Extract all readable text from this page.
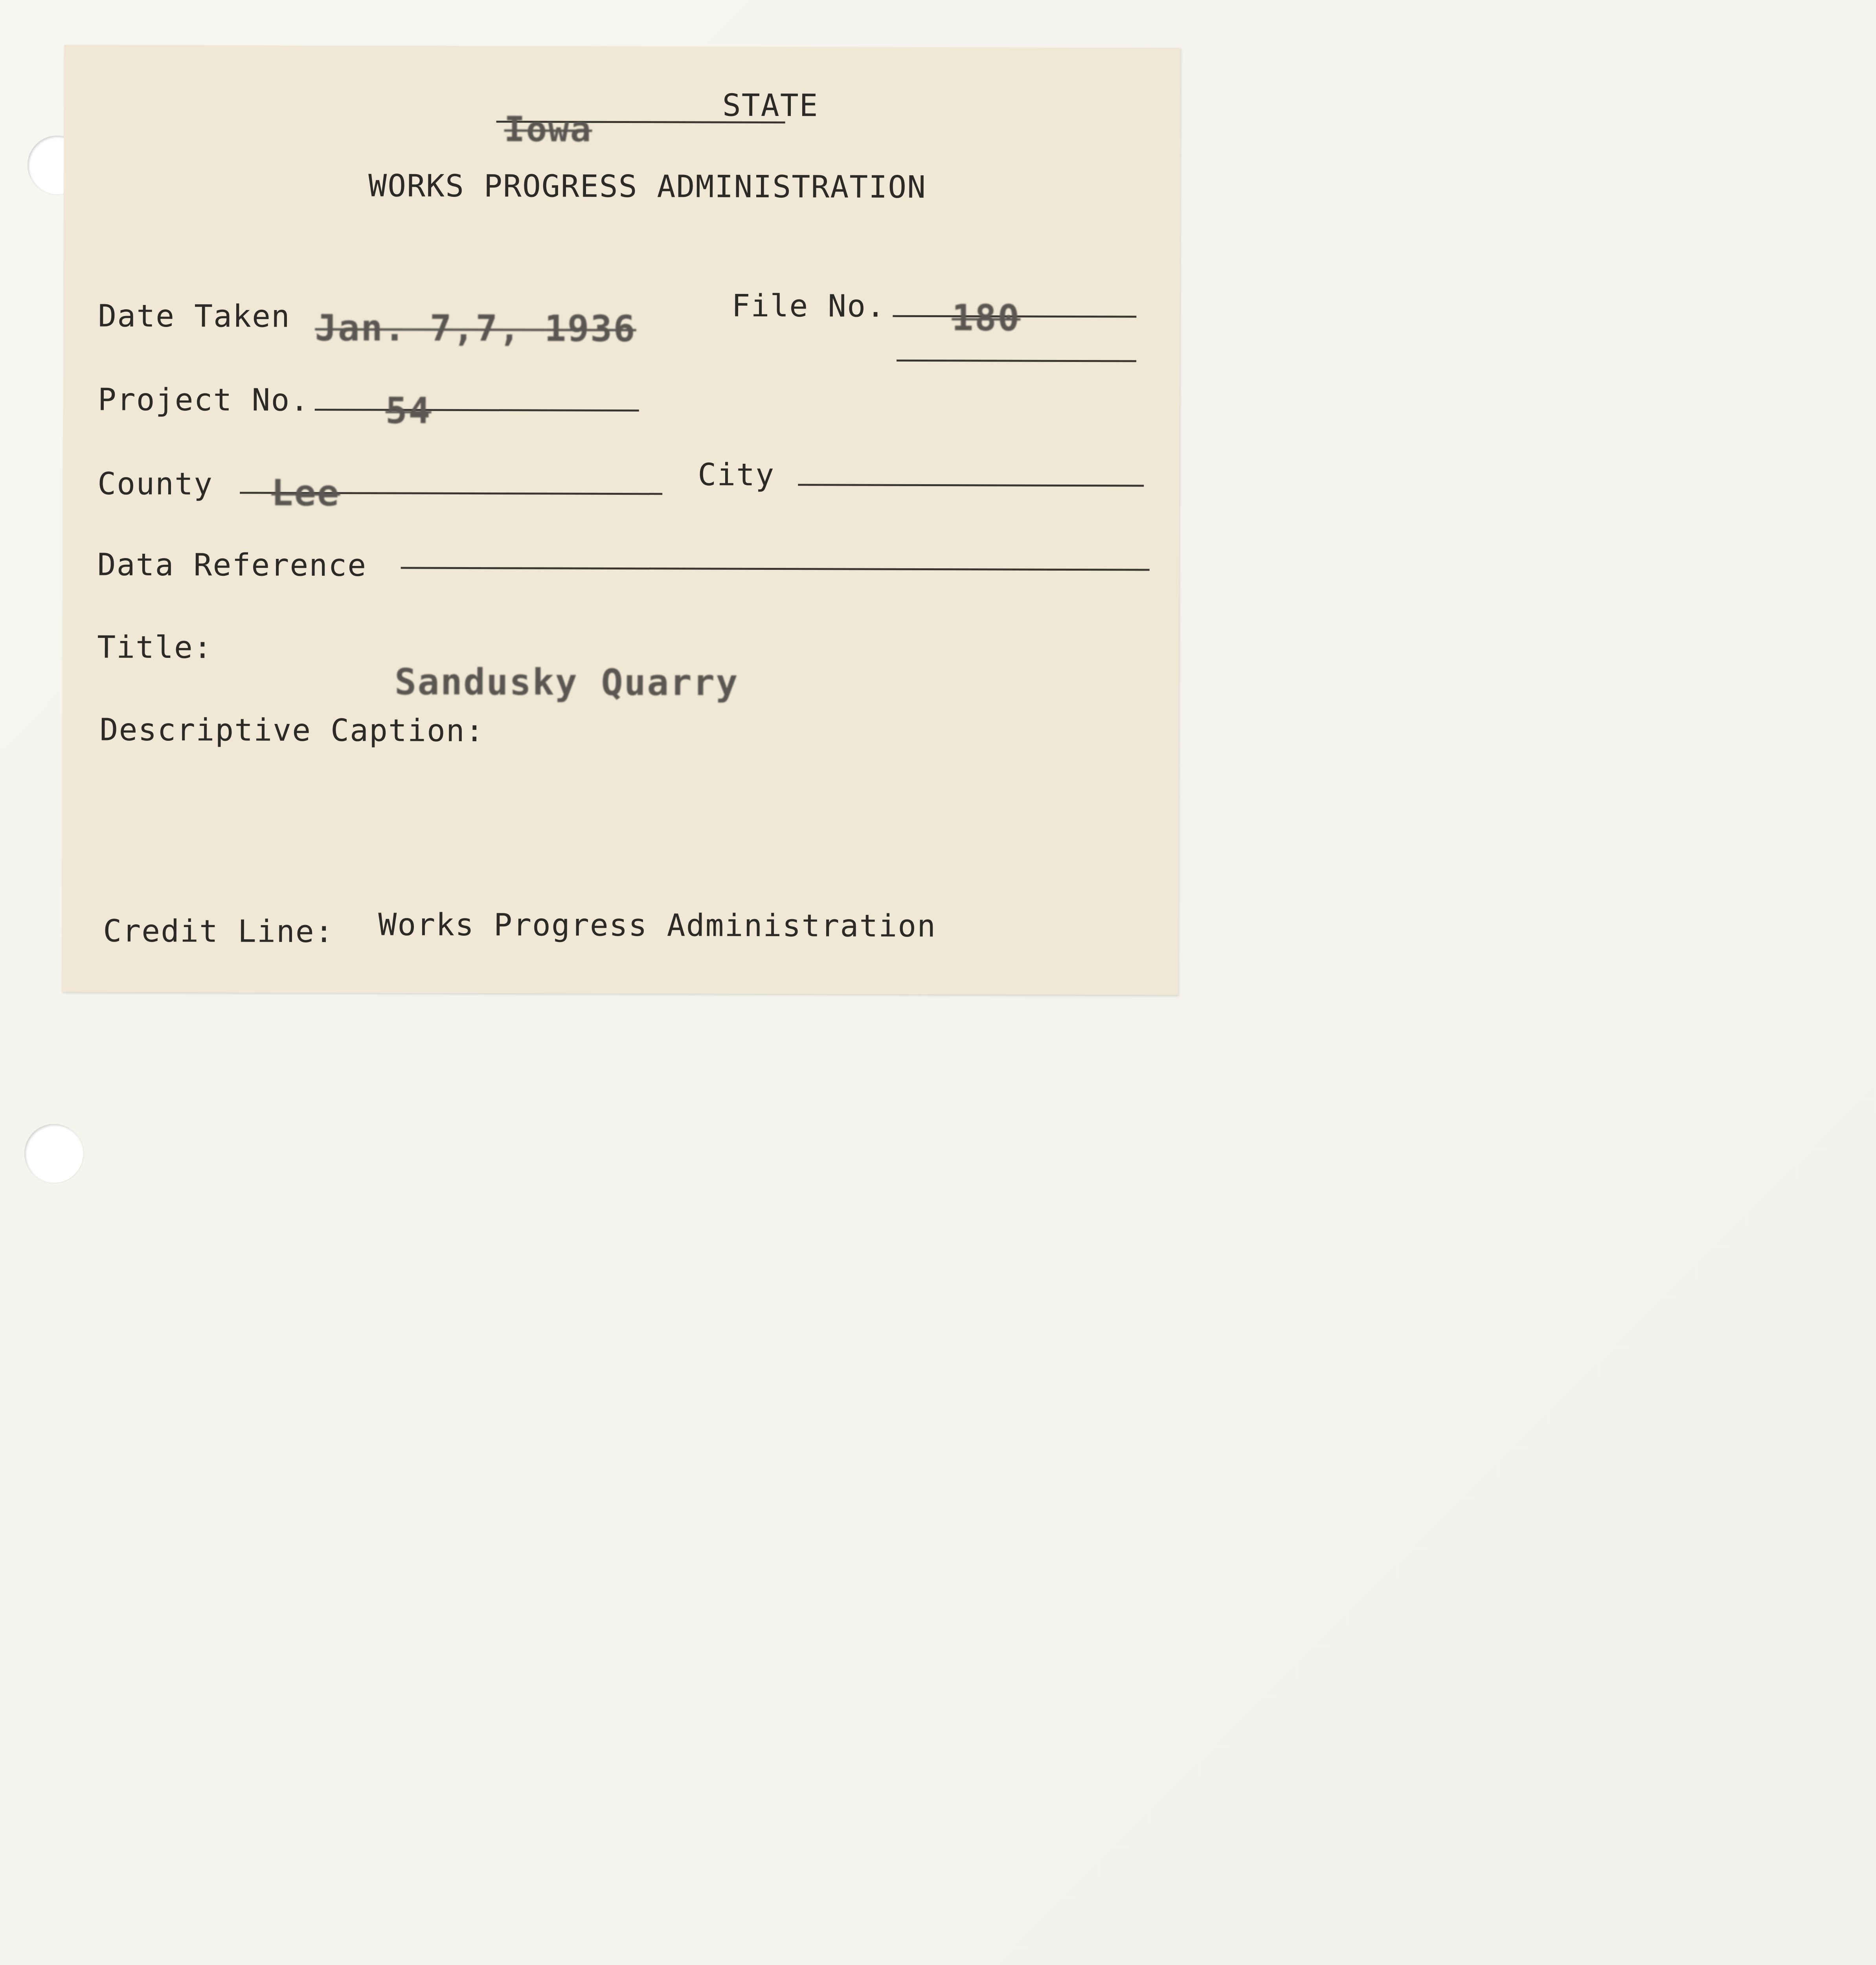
Iowa
STATE
WORKS PROGRESS ADMINISTRATION
Date Taken Jan. 7,7, 1936
File No. 180
Project No. 54
County Lee	City
Data Reference
Title:
Sandusky Quarry
Descriptive Caption:
Credit Line: Works Progress Administration
